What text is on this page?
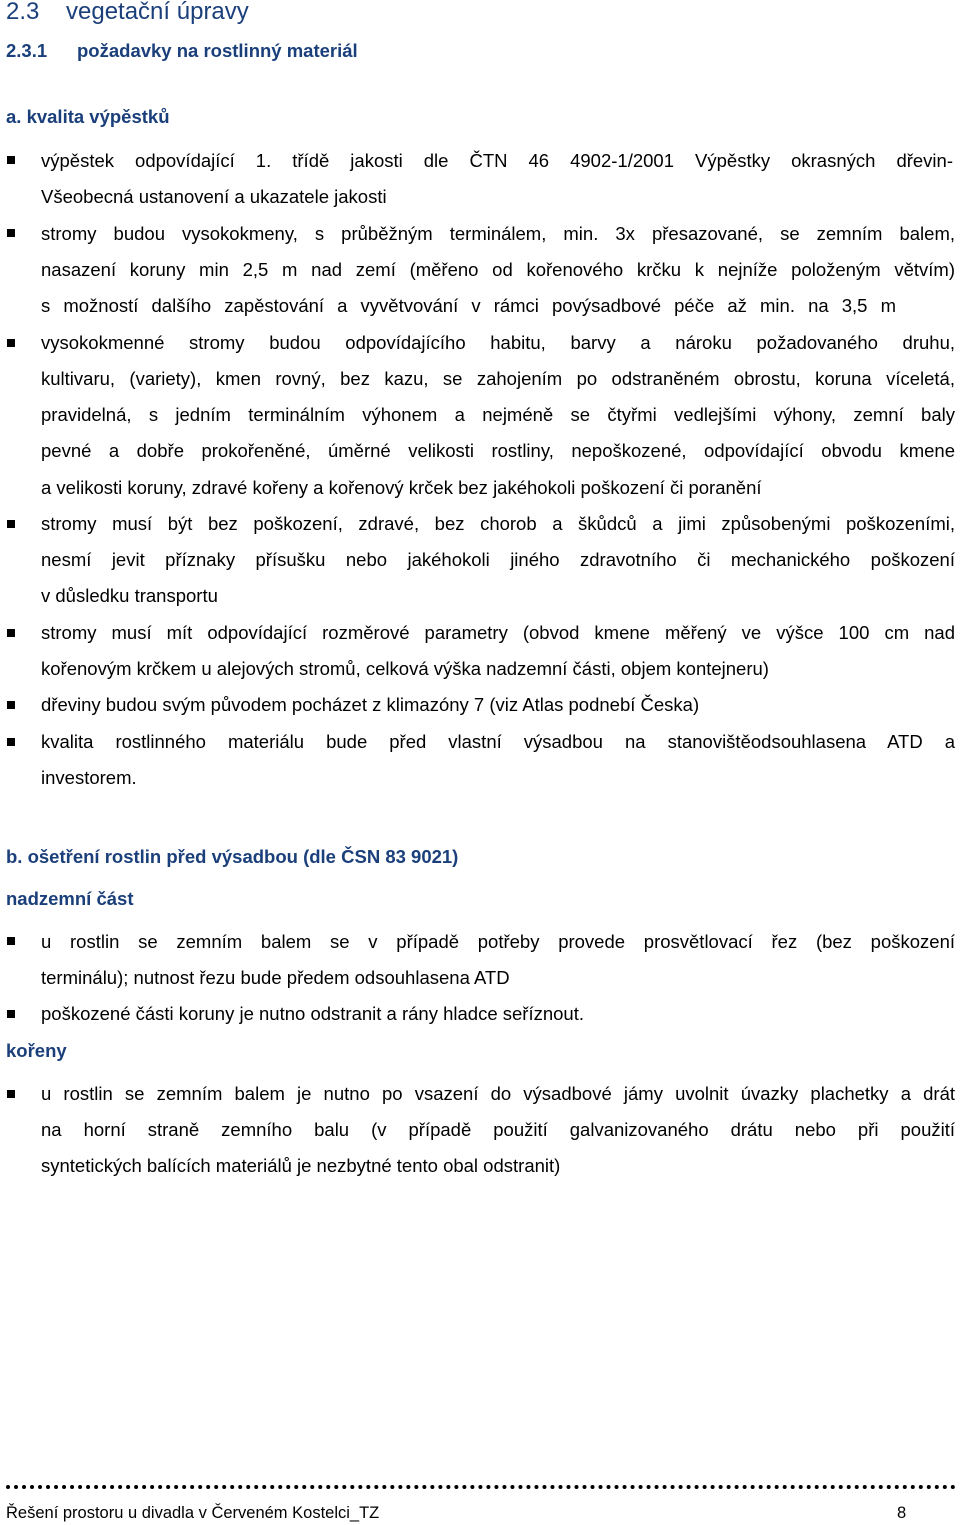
2.3 vegetační úpravy
2.3.1 požadavky na rostlinný materiál
a. kvalita výpěstků
výpěstek odpovídající 1. třídě jakosti dle ČTN 46 4902-1/2001 Výpěstky okrasných dřevin-
Všeobecná ustanovení a ukazatele jakosti
stromy budou vysokokmeny, s průběžným terminálem, min. 3x přesazované, se zemním balem,
nasazení koruny min 2,5 m nad zemí (měřeno od kořenového krčku k nejníže položeným větvím)
s možností dalšího zapěstování a vyvětvování v rámci povýsadbové péče až min. na 3,5 m
vysokokmenné stromy budou odpovídajícího habitu, barvy a nároku požadovaného druhu,
kultivaru, (variety), kmen rovný, bez kazu, se zahojením po odstraněném obrostu, koruna víceletá,
pravidelná, s jedním terminálním výhonem a nejméně se čtyřmi vedlejšími výhony, zemní baly
pevné a dobře prokořeněné, úměrné velikosti rostliny, nepoškozené, odpovídající obvodu kmene
a velikosti koruny, zdravé kořeny a kořenový krček bez jakéhokoli poškození či poranění
stromy musí být bez poškození, zdravé, bez chorob a škůdců a jimi způsobenými poškozeními,
nesmí jevit příznaky přísušku nebo jakéhokoli jiného zdravotního či mechanického poškození
v důsledku transportu
stromy musí mít odpovídající rozměrové parametry (obvod kmene měřený ve výšce 100 cm nad
kořenovým krčkem u alejových stromů, celková výška nadzemní části, objem kontejneru)
dřeviny budou svým původem pocházet z klimazóny 7 (viz Atlas podnebí Česka)
kvalita rostlinného materiálu bude před vlastní výsadbou na stanovištěodsouhlasena ATD a
investorem.
b. ošetření rostlin před výsadbou (dle ČSN 83 9021)
nadzemní část
u rostlin se zemním balem se v případě potřeby provede prosvětlovací řez (bez poškození
terminálu); nutnost řezu bude předem odsouhlasena ATD
poškozené části koruny je nutno odstranit a rány hladce seříznout.
kořeny
u rostlin se zemním balem je nutno po vsazení do výsadbové jámy uvolnit úvazky plachetky a drát
na horní straně zemního balu (v případě použití galvanizovaného drátu nebo při použití
syntetických balících materiálů je nezbytné tento obal odstranit)
Řešení prostoru u divadla v Červeném Kostelci_TZ	8
